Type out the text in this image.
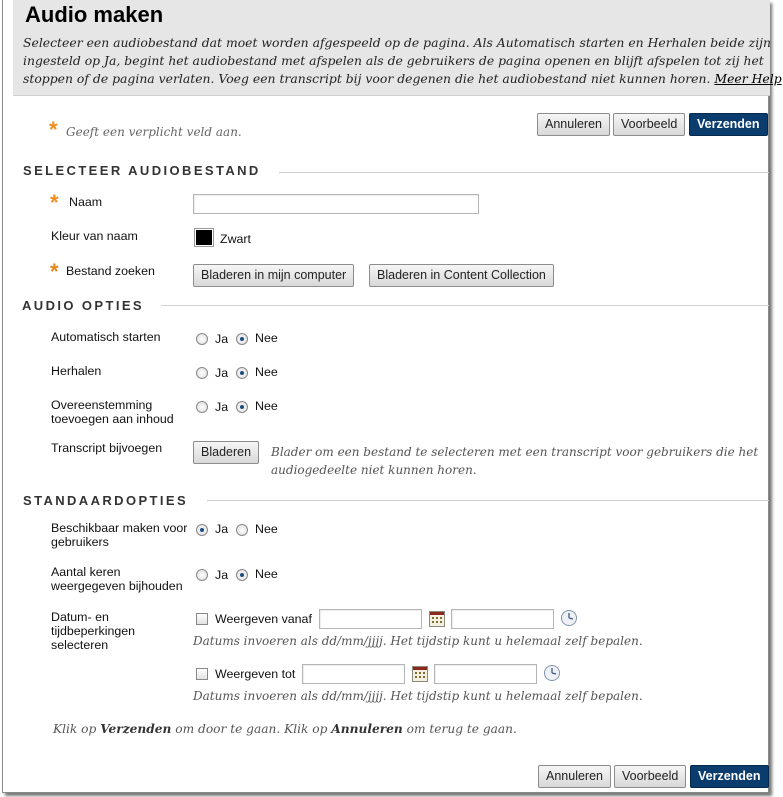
Audio maken
Selecteer een audiobestand dat moet worden afgespeeld op de pagina. Als Automatisch starten en Herhalen beide zijn
ingesteld op Ja, begint het audiobestand met afspelen als de gebruikers de pagina openen en blijft afspelen tot zij het
stoppen of de pagina verlaten. Voeg een transcript bij voor degenen die het audiobestand niet kunnen horen. Meer Help
* Geeft een verplicht veld aan.
Annuleren	Voorbeeld	Verzenden
SELECTEER AUDIOBESTAND
* Naam
Kleur van naam	Zwart
* Bestand zoeken	Bladeren in mijn computer	Bladeren in Content Collection
AUDIO OPTIES
Automatisch starten	Ja Nee
Herhalen	Ja Nee
Overeenstemming
toevoegen aan inhoud
Ja Nee
Transcript bijvoegen	Bladeren	Blader om een bestand te selecteren met een transcript voor gebruikers die het
audiogedeelte niet kunnen horen.
STANDAARDOPTIES
Beschikbaar maken voor
gebruikers
Ja Nee
Aantal keren
weergegeven bijhouden
Ja Nee
Datum- en
tijdbeperkingen
selecteren
Weergeven vanaf
Datums invoeren als dd/mm/jjjj. Het tijdstip kunt u helemaal zelf bepalen.
Weergeven tot
Datums invoeren als dd/mm/jjjj. Het tijdstip kunt u helemaal zelf bepalen.
Klik op Verzenden om door te gaan. Klik op Annuleren om terug te gaan.
Annuleren	Voorbeeld	Verzenden
